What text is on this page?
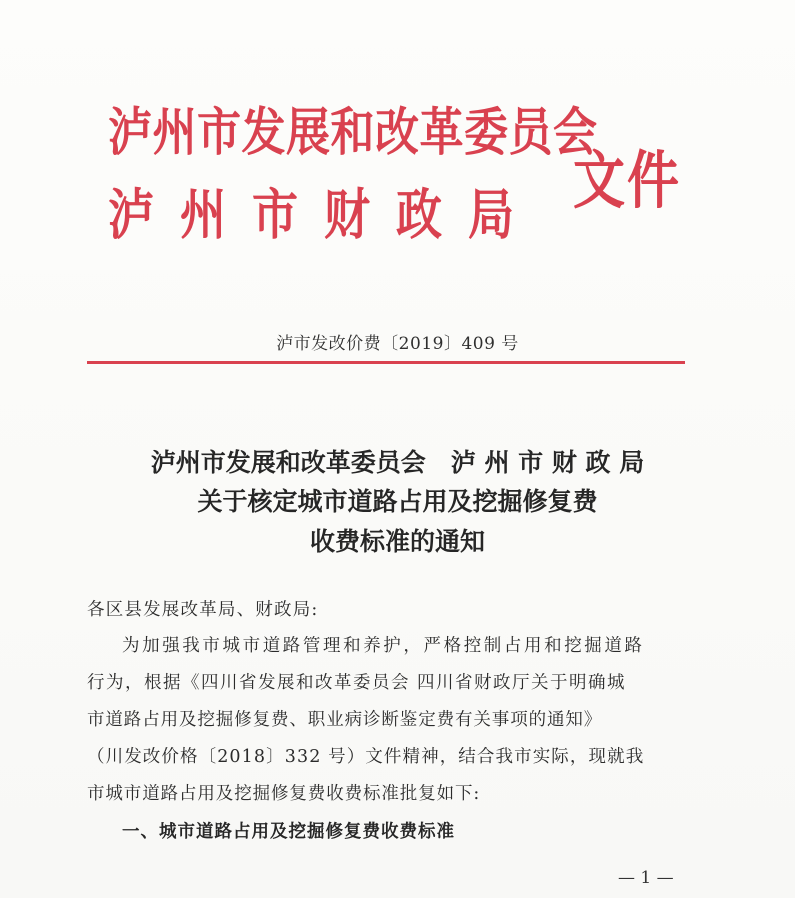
泸州市发展和改革委员会
泸州市财政局 文件
泸市发改价费〔2019〕409 号
泸州市发展和改革委员会　泸 州 市 财 政 局
关于核定城市道路占用及挖掘修复费
收费标准的通知
各区县发展改革局、财政局:
为加强我市城市道路管理和养护，严格控制占用和挖掘道路
行为，根据《四川省发展和改革委员会 四川省财政厅关于明确城
市道路占用及挖掘修复费、职业病诊断鉴定费有关事项的通知》
（川发改价格〔2018〕332 号）文件精神，结合我市实际，现就我
市城市道路占用及挖掘修复费收费标准批复如下:
一、城市道路占用及挖掘修复费收费标准
— 1 —
